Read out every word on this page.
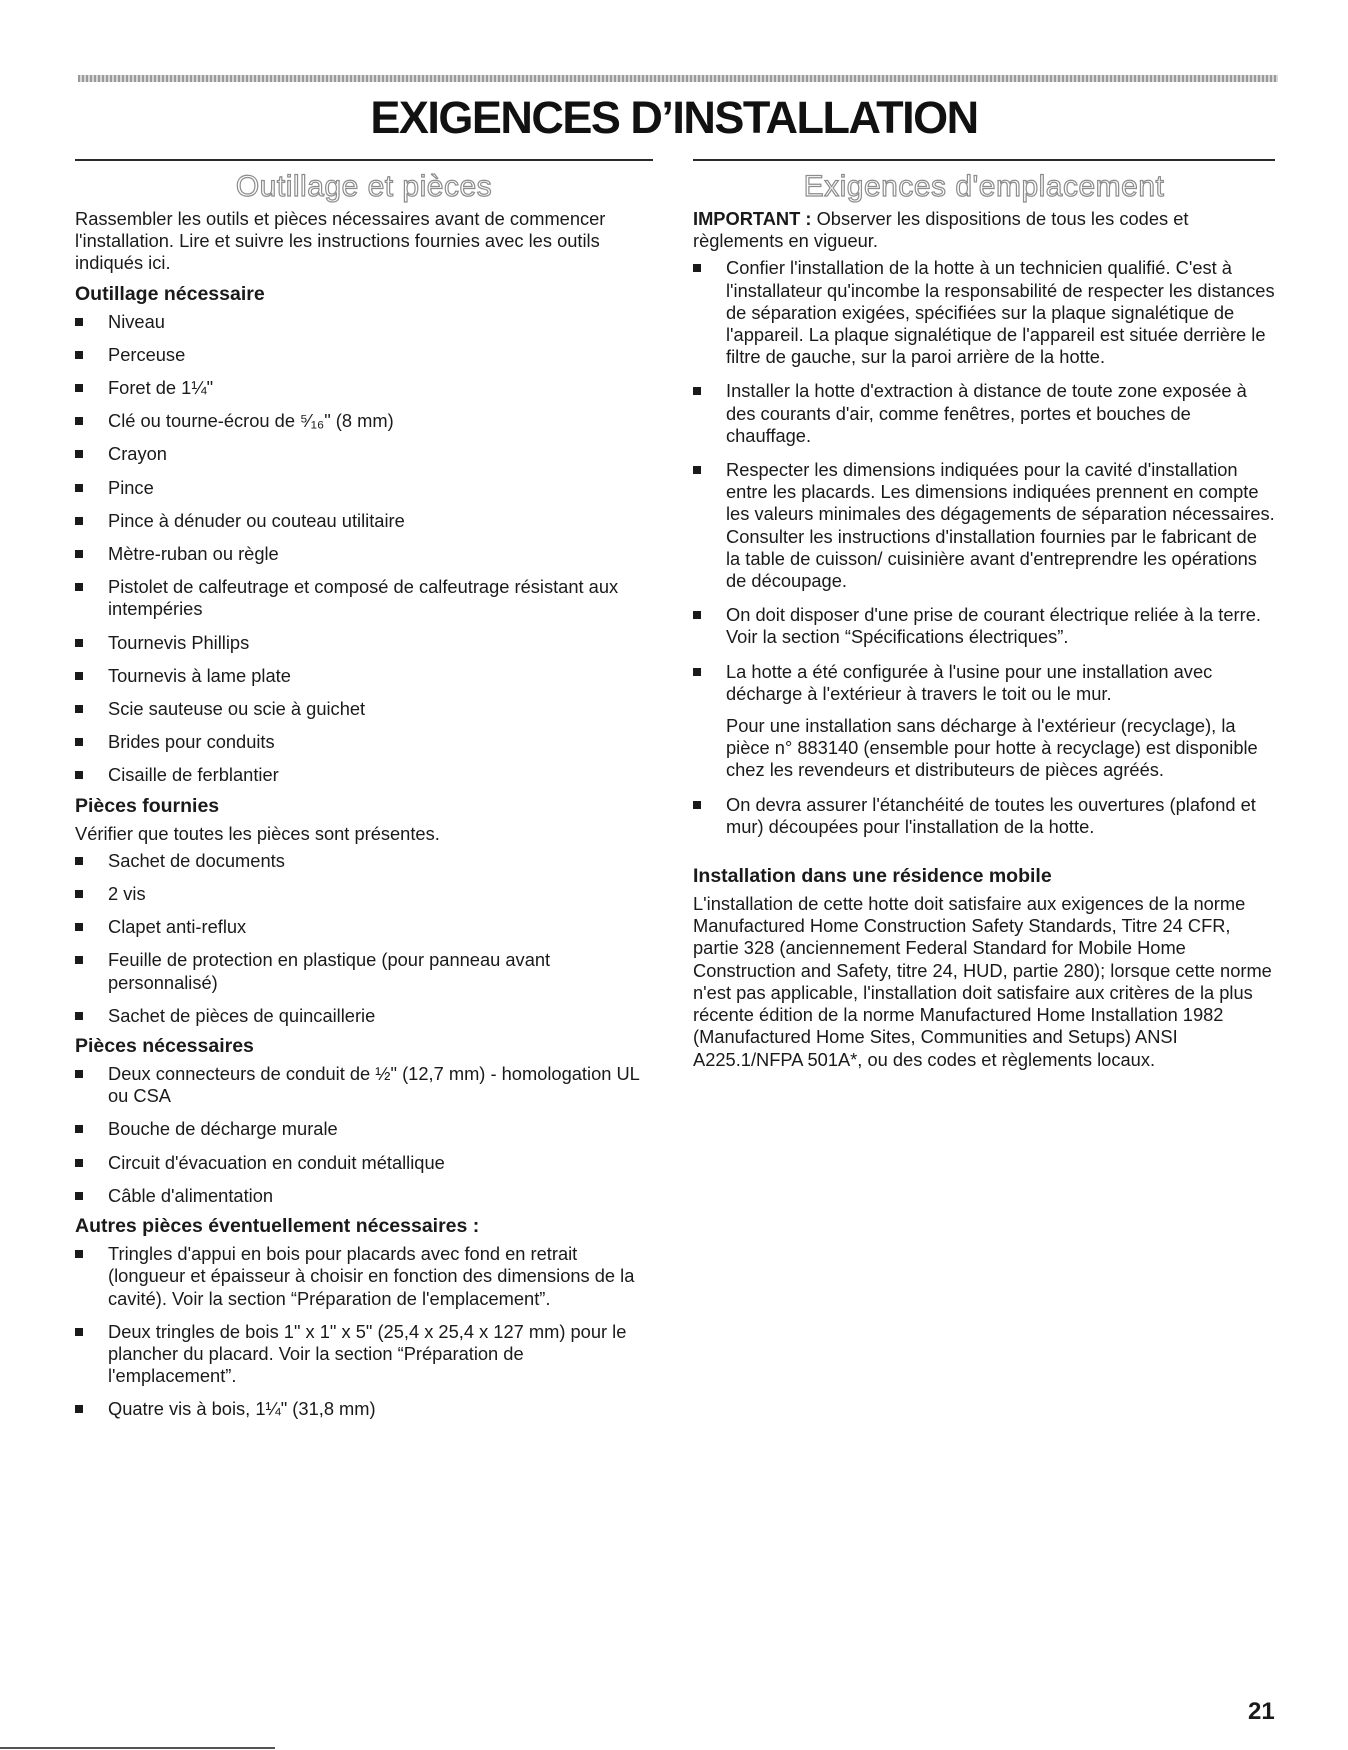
EXIGENCES D’INSTALLATION
Outillage et pièces

Rassembler les outils et pièces nécessaires avant de commencer l'installation. Lire et suivre les instructions fournies avec les outils indiqués ici.

Outillage nécessaire
Niveau
Perceuse
Foret de 1¼"
Clé ou tourne-écrou de ⁵⁄₁₆" (8 mm)
Crayon
Pince
Pince à dénuder ou couteau utilitaire
Mètre-ruban ou règle
Pistolet de calfeutrage et composé de calfeutrage résistant aux intempéries
Tournevis Phillips
Tournevis à lame plate
Scie sauteuse ou scie à guichet
Brides pour conduits
Cisaille de ferblantier
Pièces fournies

Vérifier que toutes les pièces sont présentes.

Sachet de documents
2 vis
Clapet anti-reflux
Feuille de protection en plastique (pour panneau avant personnalisé)
Sachet de pièces de quincaillerie
Pièces nécessaires
Deux connecteurs de conduit de ½" (12,7 mm) - homologation UL ou CSA
Bouche de décharge murale
Circuit d'évacuation en conduit métallique
Câble d'alimentation
Autres pièces éventuellement nécessaires :
Tringles d'appui en bois pour placards avec fond en retrait (longueur et épaisseur à choisir en fonction des dimensions de la cavité). Voir la section “Préparation de l'emplacement”.
Deux tringles de bois 1" x 1" x 5" (25,4 x 25,4 x 127 mm) pour le plancher du placard. Voir la section “Préparation de l'emplacement”.
Quatre vis à bois, 1¼" (31,8 mm)
Exigences d'emplacement

IMPORTANT : Observer les dispositions de tous les codes et règlements en vigueur.

Confier l'installation de la hotte à un technicien qualifié. C'est à l'installateur qu'incombe la responsabilité de respecter les distances de séparation exigées, spécifiées sur la plaque signalétique de l'appareil. La plaque signalétique de l'appareil est située derrière le filtre de gauche, sur la paroi arrière de la hotte.
Installer la hotte d'extraction à distance de toute zone exposée à des courants d'air, comme fenêtres, portes et bouches de chauffage.
Respecter les dimensions indiquées pour la cavité d'installation entre les placards. Les dimensions indiquées prennent en compte les valeurs minimales des dégagements de séparation nécessaires. Consulter les instructions d'installation fournies par le fabricant de la table de cuisson/ cuisinière avant d'entreprendre les opérations de découpage.
On doit disposer d'une prise de courant électrique reliée à la terre. Voir la section “Spécifications électriques”.
La hotte a été configurée à l'usine pour une installation avec décharge à l'extérieur à travers le toit ou le mur.

Pour une installation sans décharge à l'extérieur (recyclage), la pièce n° 883140 (ensemble pour hotte à recyclage) est disponible chez les revendeurs et distributeurs de pièces agréés.

On devra assurer l'étanchéité de toutes les ouvertures (plafond et mur) découpées pour l'installation de la hotte.
Installation dans une résidence mobile

L'installation de cette hotte doit satisfaire aux exigences de la norme Manufactured Home Construction Safety Standards, Titre 24 CFR, partie 328 (anciennement Federal Standard for Mobile Home Construction and Safety, titre 24, HUD, partie 280); lorsque cette norme n'est pas applicable, l'installation doit satisfaire aux critères de la plus récente édition de la norme Manufactured Home Installation 1982 (Manufactured Home Sites, Communities and Setups) ANSI A225.1/NFPA 501A*, ou des codes et règlements locaux.

21
